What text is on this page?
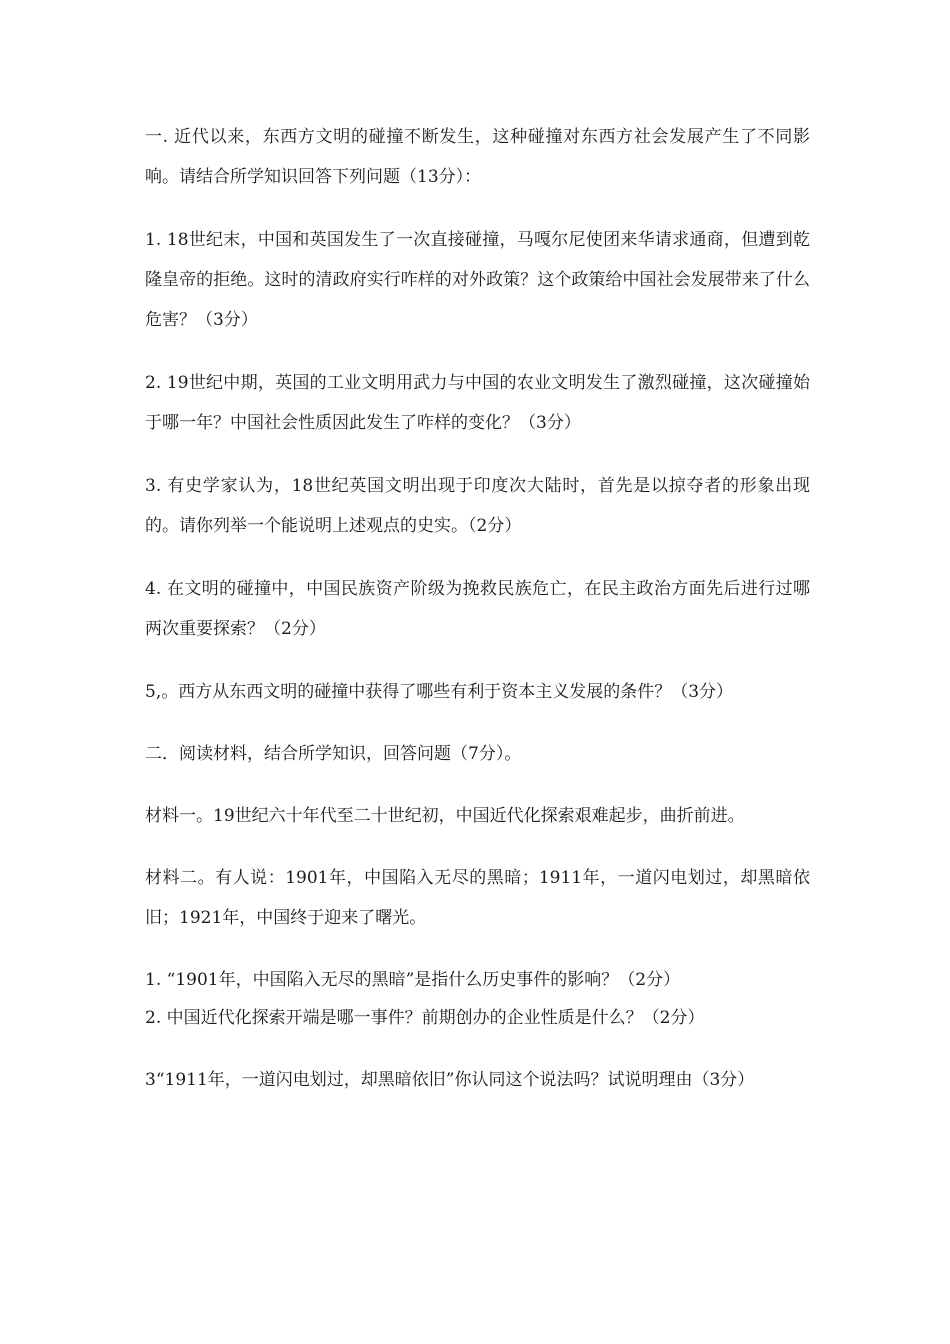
一. 近代以来，东西方文明的碰撞不断发生，这种碰撞对东西方社会发展产生了不同影响。请结合所学知识回答下列问题（13分）：

1. 18世纪末，中国和英国发生了一次直接碰撞，马嘎尔尼使团来华请求通商，但遭到乾隆皇帝的拒绝。这时的清政府实行咋样的对外政策？这个政策给中国社会发展带来了什么危害？（3分）

2. 19世纪中期，英国的工业文明用武力与中国的农业文明发生了激烈碰撞，这次碰撞始于哪一年？中国社会性质因此发生了咋样的变化？（3分）

3. 有史学家认为，18世纪英国文明出现于印度次大陆时，首先是以掠夺者的形象出现的。请你列举一个能说明上述观点的史实。（2分）

4. 在文明的碰撞中，中国民族资产阶级为挽救民族危亡，在民主政治方面先后进行过哪两次重要探索？（2分）

5,。西方从东西文明的碰撞中获得了哪些有利于资本主义发展的条件？（3分）

二．阅读材料，结合所学知识，回答问题（7分）。

材料一。19世纪六十年代至二十世纪初，中国近代化探索艰难起步，曲折前进。

材料二。有人说：1901年，中国陷入无尽的黑暗；1911年，一道闪电划过，却黑暗依旧；1921年，中国终于迎来了曙光。

1. “1901年，中国陷入无尽的黑暗”是指什么历史事件的影响？（2分）

2. 中国近代化探索开端是哪一事件？前期创办的企业性质是什么？（2分）

3“1911年，一道闪电划过，却黑暗依旧”你认同这个说法吗？试说明理由（3分）
